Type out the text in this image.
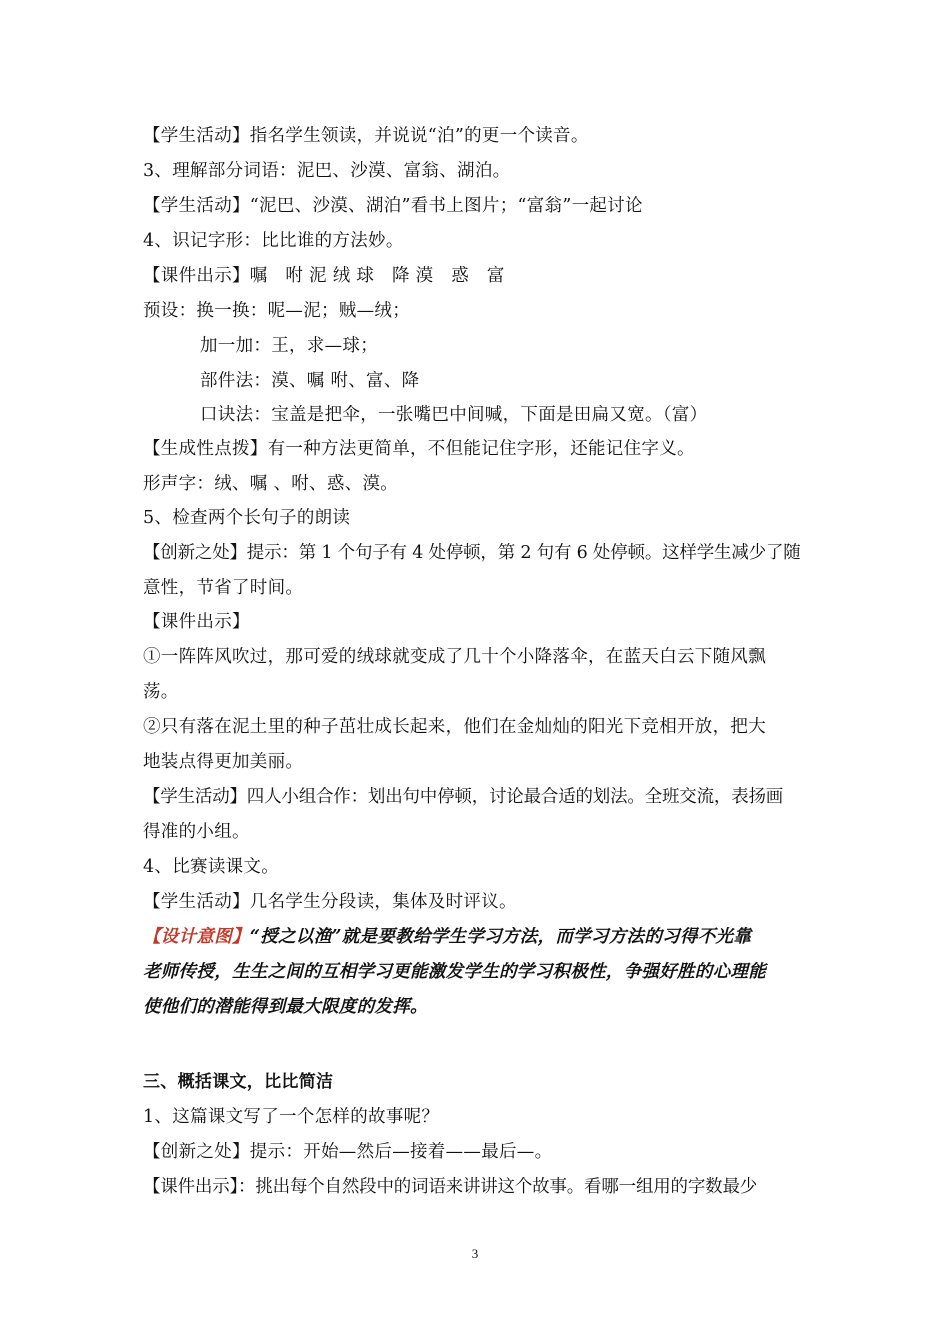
【学生活动】指名学生领读，并说说“泊”的更一个读音。
3、理解部分词语：泥巴、沙漠、富翁、湖泊。
【学生活动】“泥巴、沙漠、湖泊”看书上图片；“富翁”一起讨论
4、识记字形：比比谁的方法妙。
【课件出示】嘱　咐 泥 绒 球　降 漠　惑　富
预设：换一换：呢—泥；贼—绒；
加一加：王，求—球；
部件法：漠、嘱 咐、富、降
口诀法：宝盖是把伞，一张嘴巴中间喊，下面是田扁又宽。（富）
【生成性点拨】有一种方法更简单，不但能记住字形，还能记住字义。
形声字：绒、嘱 、咐、惑、漠。
5、检查两个长句子的朗读
【创新之处】提示：第 1 个句子有 4 处停顿，第 2 句有 6 处停顿。这样学生减少了随
意性，节省了时间。
【课件出示】
①一阵阵风吹过，那可爱的绒球就变成了几十个小降落伞，在蓝天白云下随风飘
荡。
②只有落在泥土里的种子茁壮成长起来，他们在金灿灿的阳光下竞相开放，把大
地装点得更加美丽。
【学生活动】四人小组合作：划出句中停顿，讨论最合适的划法。全班交流，表扬画
得准的小组。
4、比赛读课文。
【学生活动】几名学生分段读，集体及时评议。
【设计意图】“授之以渔”就是要教给学生学习方法，而学习方法的习得不光靠
老师传授，生生之间的互相学习更能激发学生的学习积极性，争强好胜的心理能
使他们的潜能得到最大限度的发挥。
三、概括课文，比比简洁
1、这篇课文写了一个怎样的故事呢？
【创新之处】提示：开始—然后—接着——最后—。
【课件出示】：挑出每个自然段中的词语来讲讲这个故事。看哪一组用的字数最少
3
